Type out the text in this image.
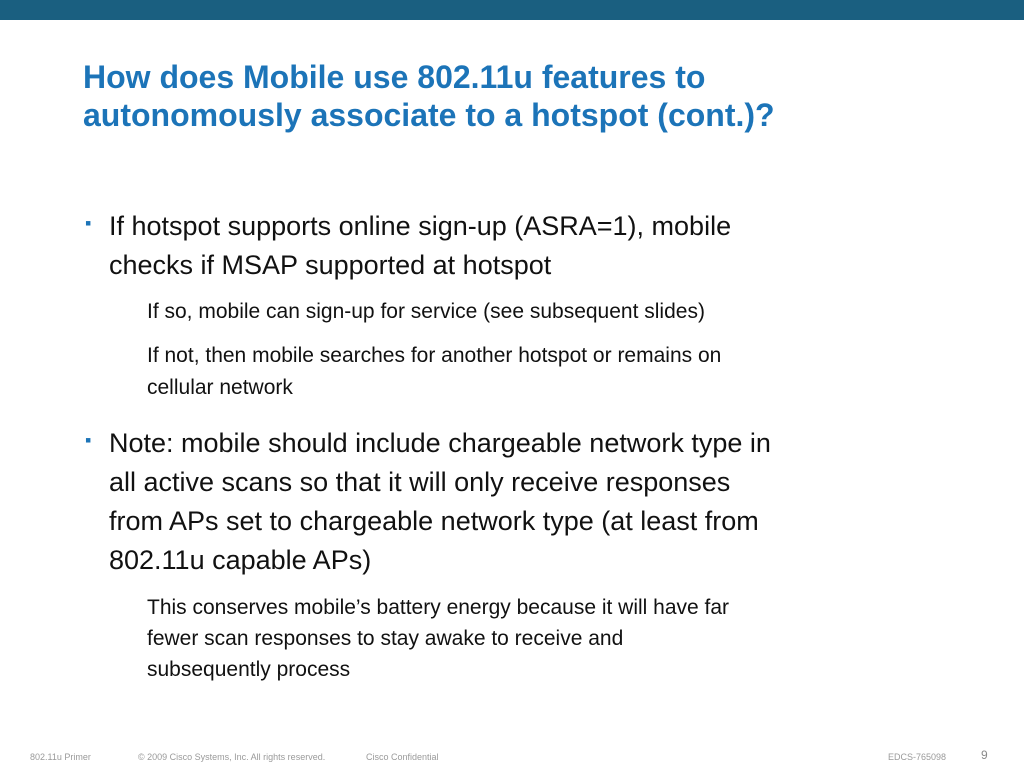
How does Mobile use 802.11u features to
autonomously associate to a hotspot (cont.)?
▪ If hotspot supports online sign-up (ASRA=1), mobile
checks if MSAP supported at hotspot
If so, mobile can sign-up for service (see subsequent slides)
If not, then mobile searches for another hotspot or remains on
cellular network
▪ Note: mobile should include chargeable network type in
all active scans so that it will only receive responses
from APs set to chargeable network type (at least from
802.11u capable APs)
This conserves mobile’s battery energy because it will have far
fewer scan responses to stay awake to receive and
subsequently process
802.11u Primer	© 2009 Cisco Systems, Inc. All rights reserved.	Cisco Confidential	EDCS-765098	9
